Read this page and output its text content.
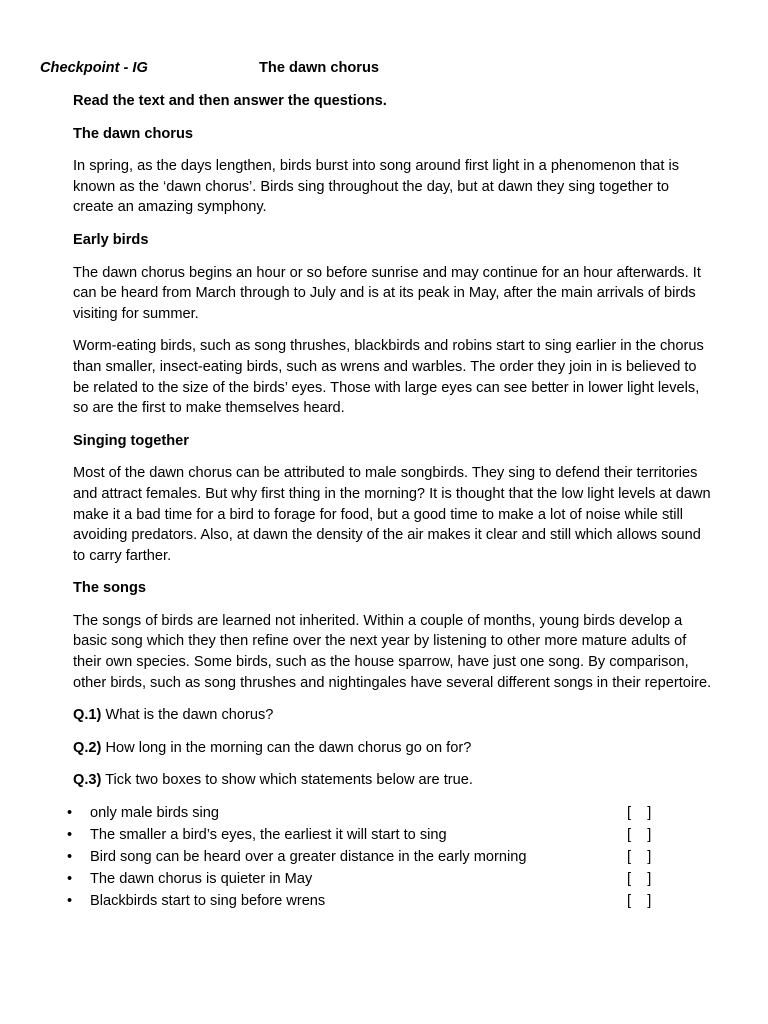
Checkpoint - IG	The dawn chorus
Read the text and then answer the questions.
The dawn chorus

In spring, as the days lengthen, birds burst into song around first light in a phenomenon that is known as the ‘dawn chorus’. Birds sing throughout the day, but at dawn they sing together to create an amazing symphony.

Early birds

The dawn chorus begins an hour or so before sunrise and may continue for an hour afterwards. It can be heard from March through to July and is at its peak in May, after the main arrivals of birds visiting for summer.

Worm-eating birds, such as song thrushes, blackbirds and robins start to sing earlier in the chorus than smaller, insect-eating birds, such as wrens and warbles. The order they join in is believed to be related to the size of the birds’ eyes. Those with large eyes can see better in lower light levels, so are the first to make themselves heard.

Singing together

Most of the dawn chorus can be attributed to male songbirds. They sing to defend their territories and attract females. But why first thing in the morning? It is thought that the low light levels at dawn make it a bad time for a bird to forage for food, but a good time to make a lot of noise while still avoiding predators. Also, at dawn the density of the air makes it clear and still which allows sound to carry farther.

The songs

The songs of birds are learned not inherited. Within a couple of months, young birds develop a basic song which they then refine over the next year by listening to other more mature adults of their own species. Some birds, such as the house sparrow, have just one song. By comparison, other birds, such as song thrushes and nightingales have several different songs in their repertoire.

Q.1) What is the dawn chorus?
Q.2) How long in the morning can the dawn chorus go on for?
Q.3) Tick two boxes to show which statements below are true.
• only male birds sing	[    ]
• The smaller a bird’s eyes, the earliest it will start to sing	[    ]
• Bird song can be heard over a greater distance in the early morning	[    ]
• The dawn chorus is quieter in May	[    ]
• Blackbirds start to sing before wrens	[    ]
